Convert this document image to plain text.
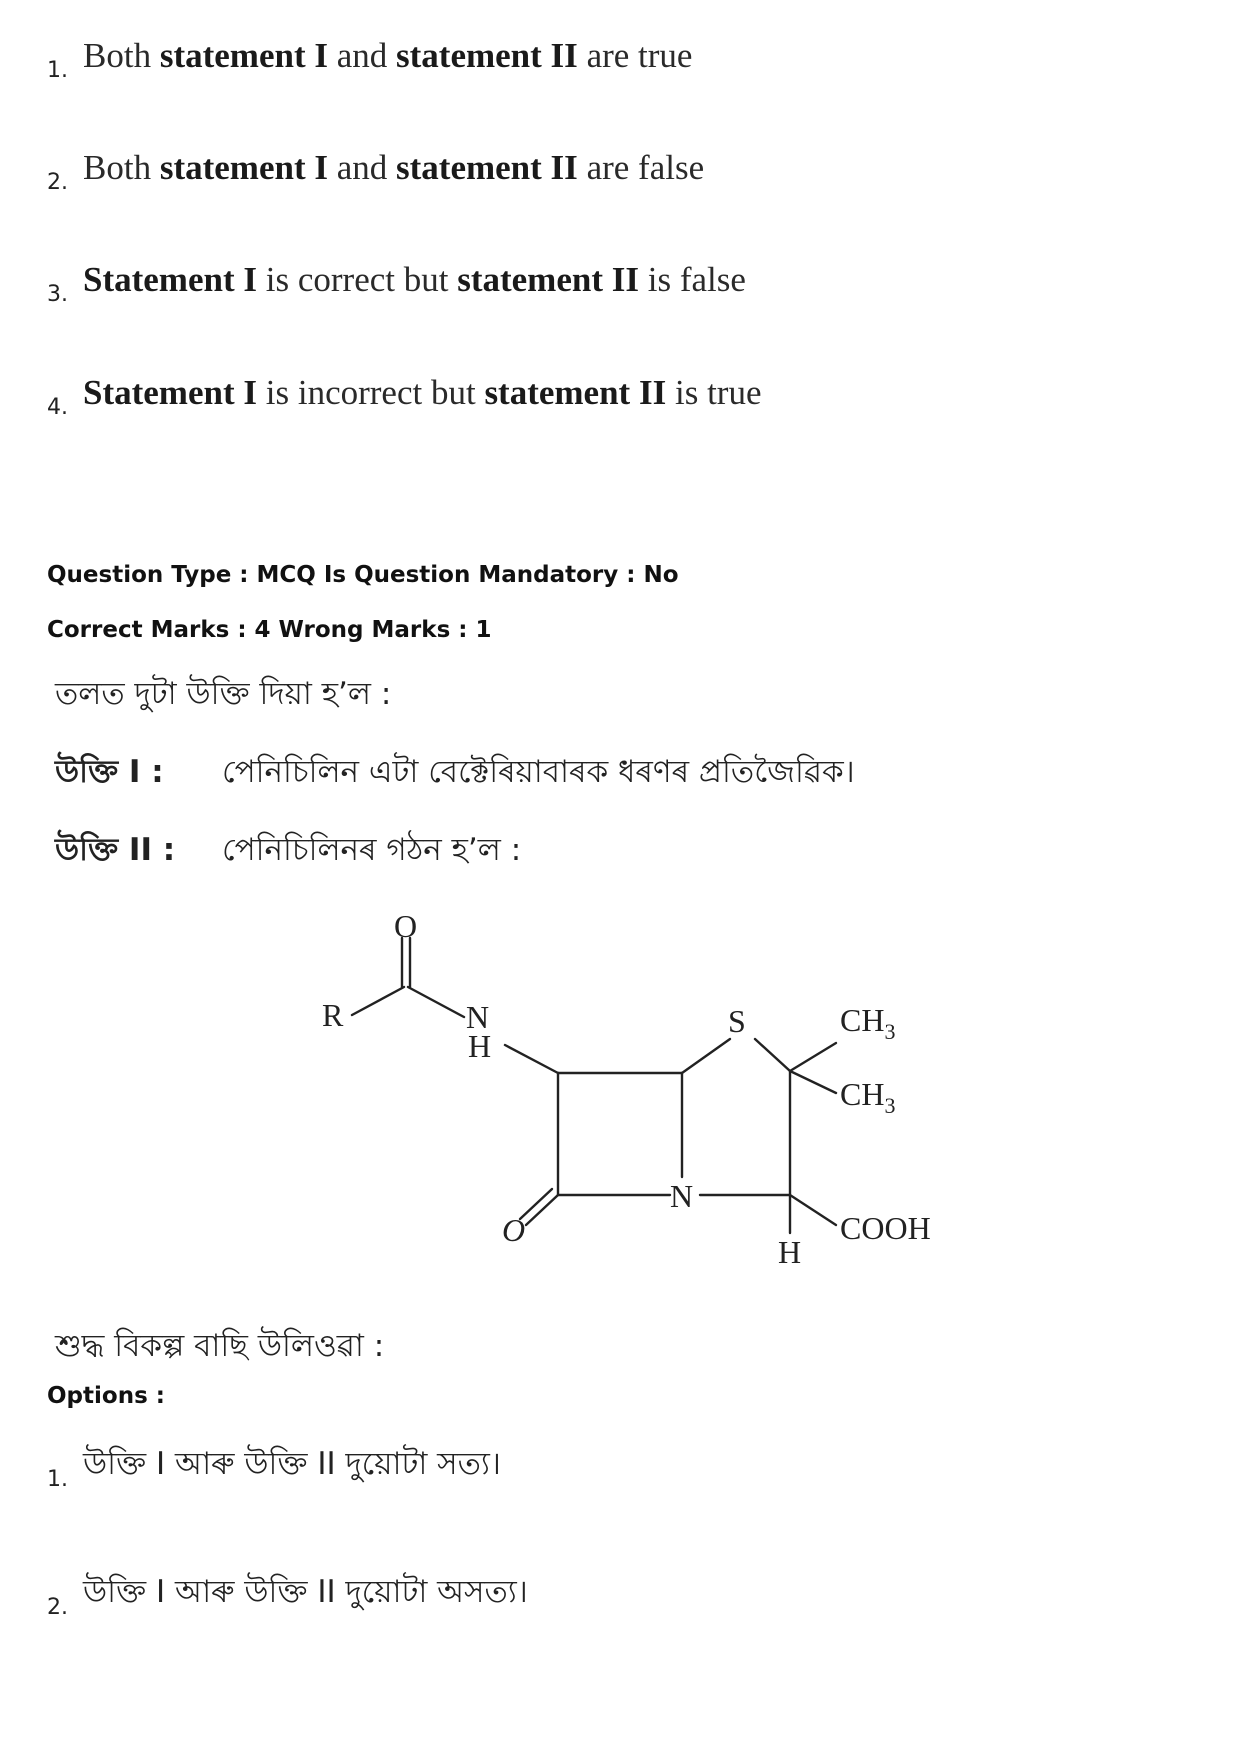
1. Both statement I and statement II are true
2. Both statement I and statement II are false
3. Statement I is correct but statement II is false
4. Statement I is incorrect but statement II is true
Question Type : MCQ Is Question Mandatory : No
Correct Marks : 4 Wrong Marks : 1
তলত দুটা উক্তি দিয়া হ’ল :
উক্তি I : পেনিচিলিন এটা বেক্টেৰিয়াবাৰক ধৰণৰ প্ৰতিজৈৱিক।
উক্তি II : পেনিচিলিনৰ গঠন হ’ল :
O
R	N
H
S	$CH_3$
$CH_3$
N
O
H
COOH
শুদ্ধ বিকল্প বাছি উলিওৱা :
Options :
1. উক্তি I আৰু উক্তি II দুয়োটা সত্য।
2. উক্তি I আৰু উক্তি II দুয়োটা অসত্য।
